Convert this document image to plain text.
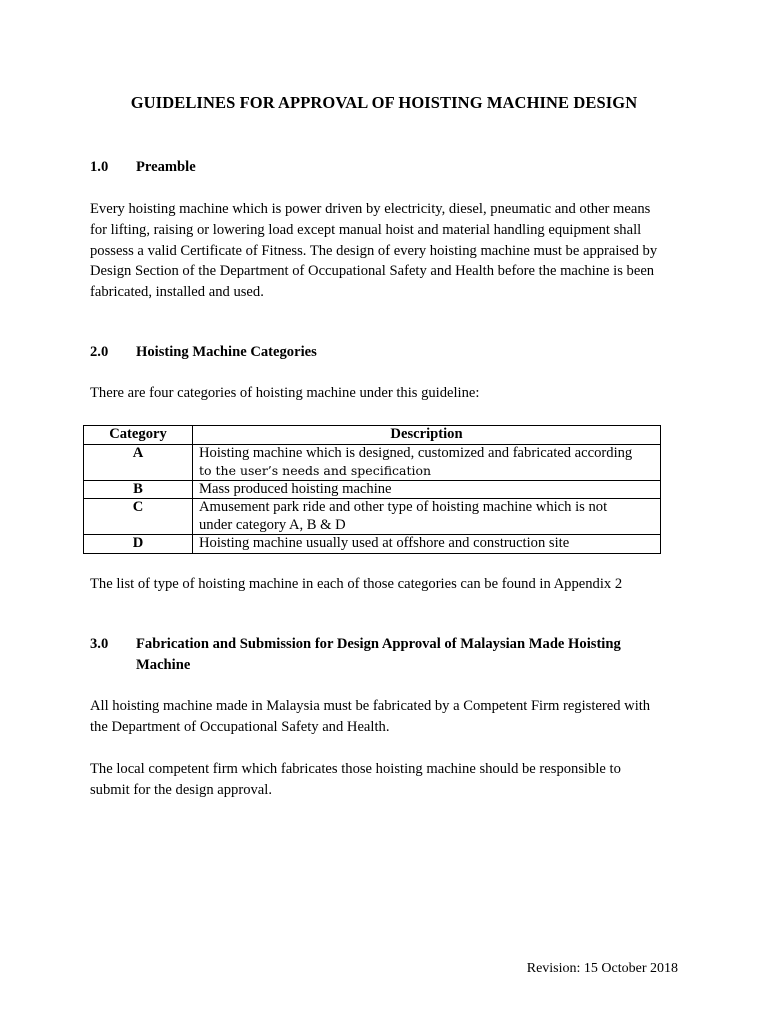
GUIDELINES FOR APPROVAL OF HOISTING MACHINE DESIGN
1.0 Preamble
Every hoisting machine which is power driven by electricity, diesel, pneumatic and other means
for lifting, raising or lowering load except manual hoist and material handling equipment shall
possess a valid Certificate of Fitness. The design of every hoisting machine must be appraised by
Design Section of the Department of Occupational Safety and Health before the machine is been
fabricated, installed and used.
2.0 Hoisting Machine Categories
There are four categories of hoisting machine under this guideline:
Category	Description
A	Hoisting machine which is designed, customized and fabricated according
to the user’s needs and specification

B	Mass produced hoisting machine

C	Amusement park ride and other type of hoisting machine which is not
under category A, B & D

D	Hoisting machine usually used at offshore and construction site
The list of type of hoisting machine in each of those categories can be found in Appendix 2
3.0 Fabrication and Submission for Design Approval of Malaysian Made Hoisting
Machine
All hoisting machine made in Malaysia must be fabricated by a Competent Firm registered with
the Department of Occupational Safety and Health.
The local competent firm which fabricates those hoisting machine should be responsible to
submit for the design approval.
Revision: 15 October 2018
